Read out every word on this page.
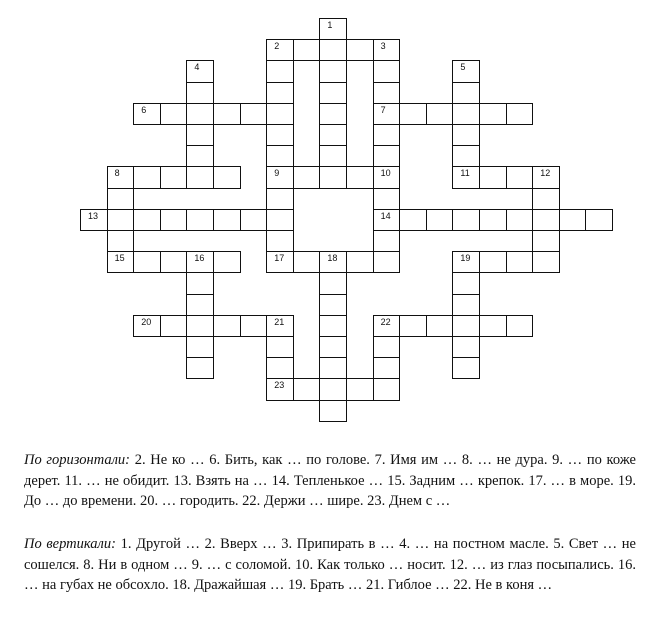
1
2	3
4	5
6	7
8	9	10	11	12
13	14
15	16	17	18	19
20	21	22
23

По горизонтали: 2. Не ко … 6. Бить, как … по голове. 7. Имя им … 8. … не дура. 9. … по коже дерет. 11. … не обидит. 13. Взять на … 14. Тепленькое … 15. Задним … крепок. 17. … в море. 19. До … до времени. 20. … городить. 22. Держи … шире. 23. Днем с …

По вертикали: 1. Другой … 2. Вверх … 3. Припирать в … 4. … на постном масле. 5. Свет … не сошелся. 8. Ни в одном … 9. … с соломой. 10. Как только … носит. 12. … из глаз посыпались. 16. … на губах не обсохло. 18. Дражайшая … 19. Брать … 21. Гиблое … 22. Не в коня …
